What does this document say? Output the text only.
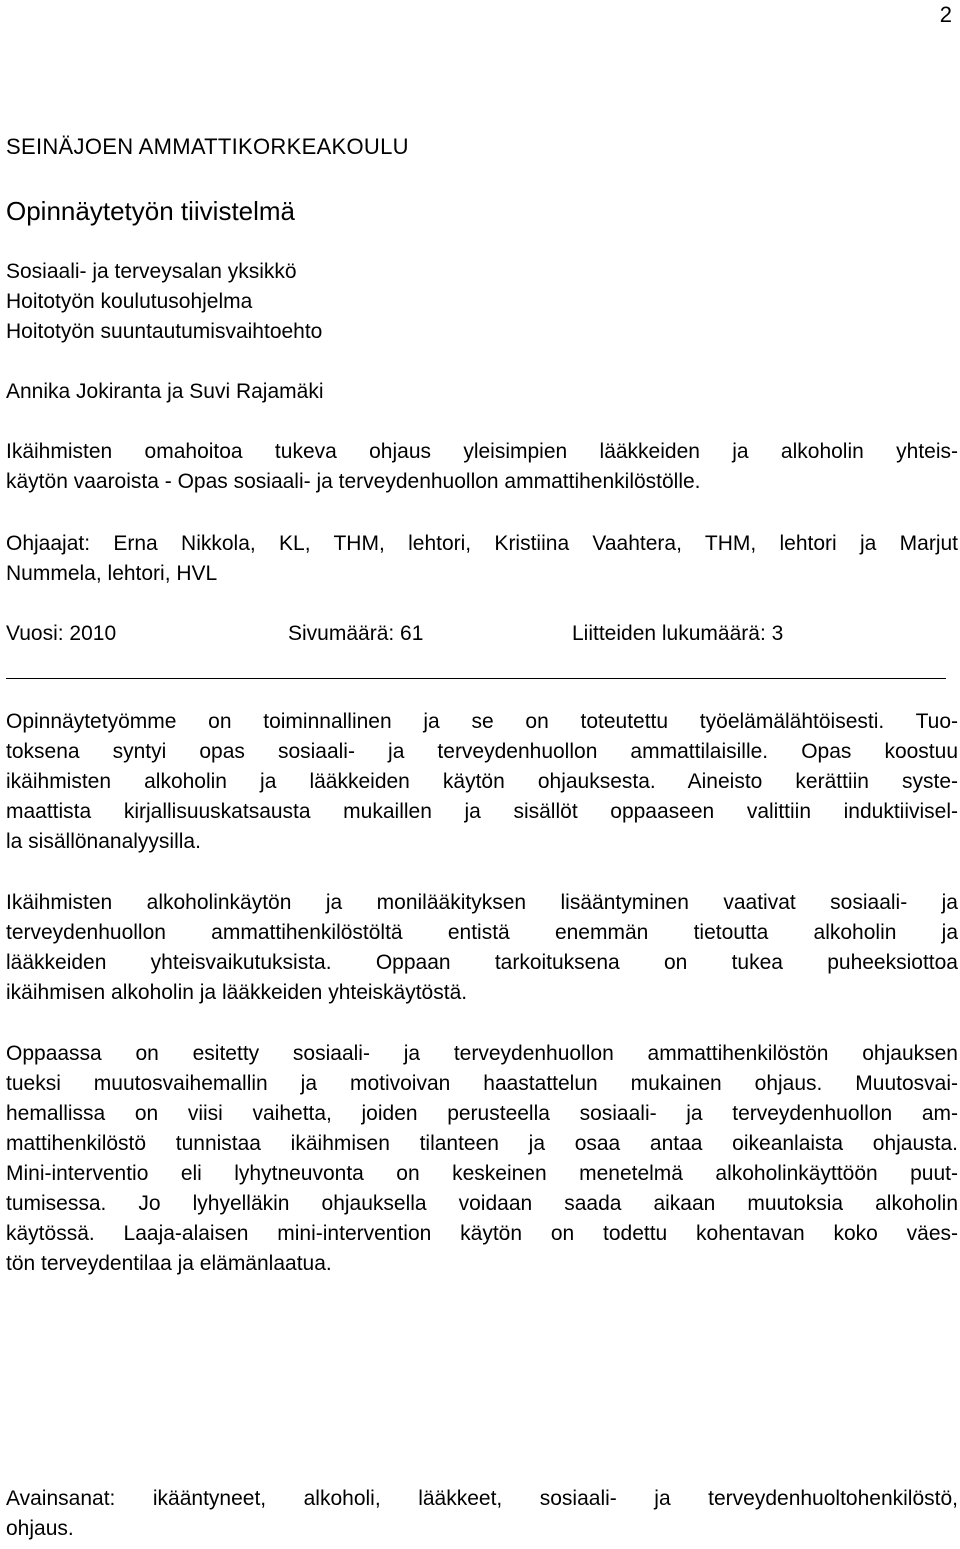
2
SEINÄJOEN AMMATTIKORKEAKOULU
Opinnäytetyön tiivistelmä
Sosiaali- ja terveysalan yksikkö
Hoitotyön koulutusohjelma
Hoitotyön suuntautumisvaihtoehto
Annika Jokiranta ja Suvi Rajamäki
Ikäihmisten omahoitoa tukeva ohjaus yleisimpien lääkkeiden ja alkoholin yhteis-
käytön vaaroista - Opas sosiaali- ja terveydenhuollon ammattihenkilöstölle.
Ohjaajat: Erna Nikkola, KL, THM, lehtori, Kristiina Vaahtera, THM, lehtori ja Marjut
Nummela, lehtori, HVL
Vuosi: 2010	Sivumäärä: 61	Liitteiden lukumäärä: 3
Opinnäytetyömme on toiminnallinen ja se on toteutettu työelämälähtöisesti. Tuo-
toksena syntyi opas sosiaali- ja terveydenhuollon ammattilaisille. Opas koostuu
ikäihmisten alkoholin ja lääkkeiden käytön ohjauksesta. Aineisto kerättiin syste-
maattista kirjallisuuskatsausta mukaillen ja sisällöt oppaaseen valittiin induktiivisel-
la sisällönanalyysilla.
Ikäihmisten alkoholinkäytön ja monilääkityksen lisääntyminen vaativat sosiaali- ja
terveydenhuollon ammattihenkilöstöltä entistä enemmän tietoutta alkoholin ja
lääkkeiden yhteisvaikutuksista. Oppaan tarkoituksena on tukea puheeksiottoa
ikäihmisen alkoholin ja lääkkeiden yhteiskäytöstä.
Oppaassa on esitetty sosiaali- ja terveydenhuollon ammattihenkilöstön ohjauksen
tueksi muutosvaihemallin ja motivoivan haastattelun mukainen ohjaus. Muutosvai-
hemallissa on viisi vaihetta, joiden perusteella sosiaali- ja terveydenhuollon am-
mattihenkilöstö tunnistaa ikäihmisen tilanteen ja osaa antaa oikeanlaista ohjausta.
Mini-interventio eli lyhytneuvonta on keskeinen menetelmä alkoholinkäyttöön puut-
tumisessa. Jo lyhyelläkin ohjauksella voidaan saada aikaan muutoksia alkoholin
käytössä. Laaja-alaisen mini-intervention käytön on todettu kohentavan koko väes-
tön terveydentilaa ja elämänlaatua.
Avainsanat: ikääntyneet, alkoholi, lääkkeet, sosiaali- ja terveydenhuoltohenkilöstö,
ohjaus.
